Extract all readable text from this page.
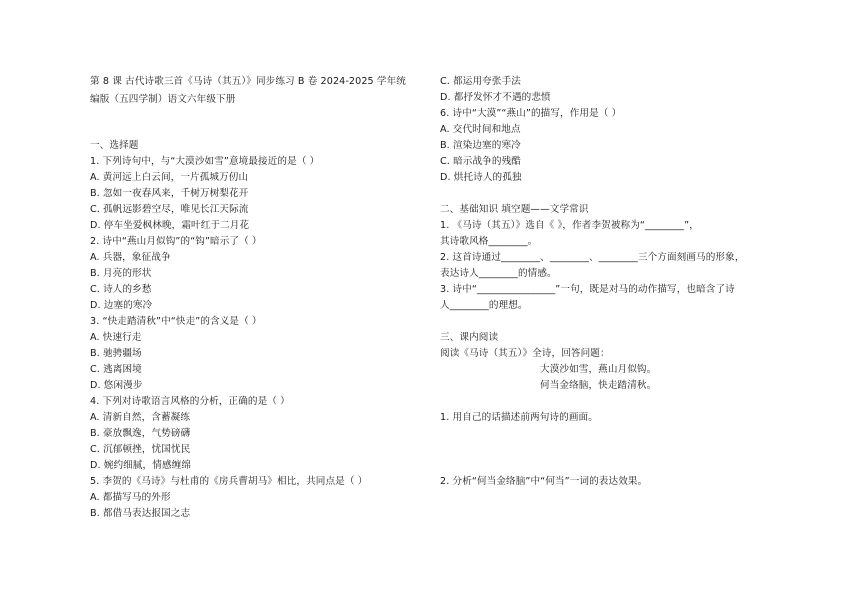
第 8 课 古代诗歌三首《马诗（其五）》同步练习 B 卷 2024-2025 学年统
编版（五四学制）语文六年级下册
一、选择题
1. 下列诗句中，与“大漠沙如雪”意境最接近的是（ ）
A. 黄河远上白云间，一片孤城万仞山
B. 忽如一夜春风来，千树万树梨花开
C. 孤帆远影碧空尽，唯见长江天际流
D. 停车坐爱枫林晚，霜叶红于二月花
2. 诗中“燕山月似钩”的“钩”暗示了（ ）
A. 兵器，象征战争
B. 月亮的形状
C. 诗人的乡愁
D. 边塞的寒冷
3. “快走踏清秋”中“快走”的含义是（ ）
A. 快速行走
B. 驰骋疆场
C. 逃离困境
D. 悠闲漫步
4. 下列对诗歌语言风格的分析，正确的是（ ）
A. 清新自然，含蓄凝练
B. 豪放飘逸，气势磅礴
C. 沉郁顿挫，忧国忧民
D. 婉约细腻，情感缠绵
5. 李贺的《马诗》与杜甫的《房兵曹胡马》相比，共同点是（ ）
A. 都描写马的外形
B. 都借马表达报国之志
C. 都运用夸张手法
D. 都抒发怀才不遇的悲愤
6. 诗中“大漠”“燕山”的描写，作用是（ ）
A. 交代时间和地点
B. 渲染边塞的寒冷
C. 暗示战争的残酷
D. 烘托诗人的孤独
二、基础知识 填空题——文学常识
1. 《马诗（其五）》选自《 》，作者李贺被称为“________”，
其诗歌风格________。
2. 这首诗通过________、________、________三个方面刻画马的形象，
表达诗人________的情感。
3. 诗中“________________”一句，既是对马的动作描写，也暗含了诗
人________的理想。
三、课内阅读
阅读《马诗（其五）》全诗，回答问题：
大漠沙如雪，燕山月似钩。
何当金络脑，快走踏清秋。
1. 用自己的话描述前两句诗的画面。
2. 分析“何当金络脑”中“何当”一词的表达效果。
